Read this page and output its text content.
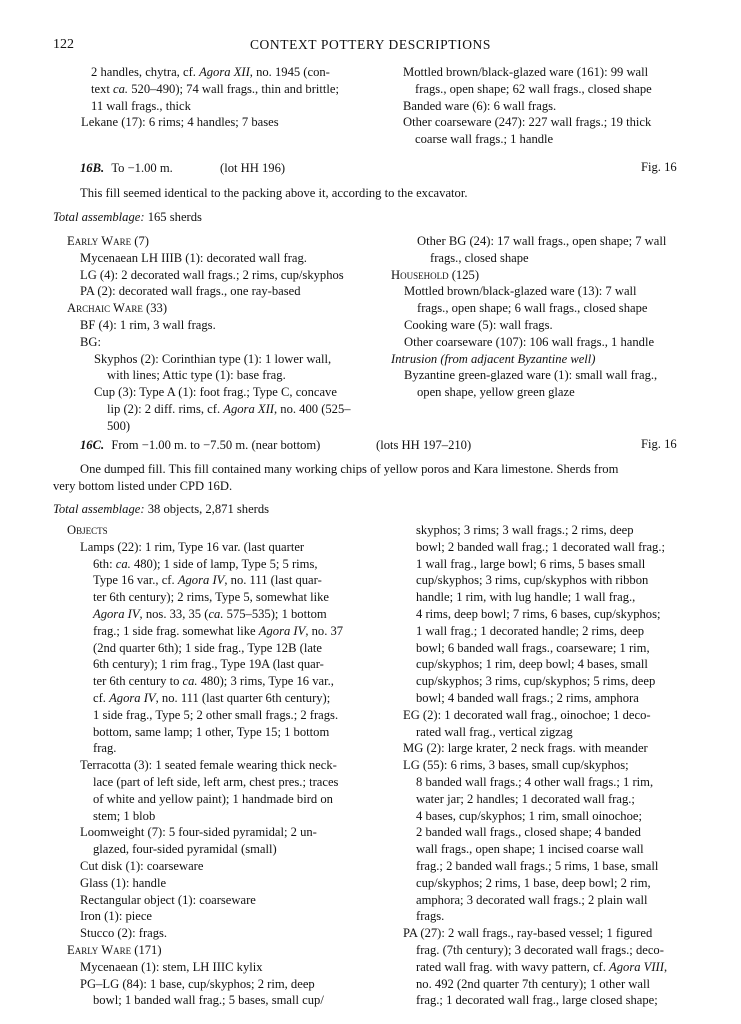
122	CONTEXT POTTERY DESCRIPTIONS
2 handles, chytra, cf. Agora XII, no. 1945 (con-
text ca. 520–490); 74 wall frags., thin and brittle;
11 wall frags., thick
Lekane (17): 6 rims; 4 handles; 7 bases
Mottled brown/black-glazed ware (161): 99 wall
frags., open shape; 62 wall frags., closed shape
Banded ware (6): 6 wall frags.
Other coarseware (247): 227 wall frags.; 19 thick
coarse wall frags.; 1 handle
16B. To −1.00 m.	(lot HH 196)	Fig. 16
This fill seemed identical to the packing above it, according to the excavator.
Total assemblage: 165 sherds
Early Ware (7)
Mycenaean LH IIIB (1): decorated wall frag.
LG (4): 2 decorated wall frags.; 2 rims, cup/skyphos
PA (2): decorated wall frags., one ray-based
Archaic Ware (33)
BF (4): 1 rim, 3 wall frags.
BG:
Skyphos (2): Corinthian type (1): 1 lower wall,
with lines; Attic type (1): base frag.
Cup (3): Type A (1): foot frag.; Type C, concave
lip (2): 2 diff. rims, cf. Agora XII, no. 400 (525–
500)
Other BG (24): 17 wall frags., open shape; 7 wall
frags., closed shape
Household (125)
Mottled brown/black-glazed ware (13): 7 wall
frags., open shape; 6 wall frags., closed shape
Cooking ware (5): wall frags.
Other coarseware (107): 106 wall frags., 1 handle
Intrusion (from adjacent Byzantine well)
Byzantine green-glazed ware (1): small wall frag.,
open shape, yellow green glaze
16C. From −1.00 m. to −7.50 m. (near bottom)	(lots HH 197–210)	Fig. 16
One dumped fill. This fill contained many working chips of yellow poros and Kara limestone. Sherds from
very bottom listed under CPD 16D.
Total assemblage: 38 objects, 2,871 sherds
Objects
Lamps (22): 1 rim, Type 16 var. (last quarter
6th: ca. 480); 1 side of lamp, Type 5; 5 rims,
Type 16 var., cf. Agora IV, no. 111 (last quar-
ter 6th century); 2 rims, Type 5, somewhat like
Agora IV, nos. 33, 35 (ca. 575–535); 1 bottom
frag.; 1 side frag. somewhat like Agora IV, no. 37
(2nd quarter 6th); 1 side frag., Type 12B (late
6th century); 1 rim frag., Type 19A (last quar-
ter 6th century to ca. 480); 3 rims, Type 16 var.,
cf. Agora IV, no. 111 (last quarter 6th century);
1 side frag., Type 5; 2 other small frags.; 2 frags.
bottom, same lamp; 1 other, Type 15; 1 bottom
frag.
Terracotta (3): 1 seated female wearing thick neck-
lace (part of left side, left arm, chest pres.; traces
of white and yellow paint); 1 handmade bird on
stem; 1 blob
Loomweight (7): 5 four-sided pyramidal; 2 un-
glazed, four-sided pyramidal (small)
Cut disk (1): coarseware
Glass (1): handle
Rectangular object (1): coarseware
Iron (1): piece
Stucco (2): frags.
Early Ware (171)
Mycenaean (1): stem, LH IIIC kylix
PG–LG (84): 1 base, cup/skyphos; 2 rim, deep
bowl; 1 banded wall frag.; 5 bases, small cup/
skyphos; 3 rims; 3 wall frags.; 2 rims, deep
bowl; 2 banded wall frag.; 1 decorated wall frag.;
1 wall frag., large bowl; 6 rims, 5 bases small
cup/skyphos; 3 rims, cup/skyphos with ribbon
handle; 1 rim, with lug handle; 1 wall frag.,
4 rims, deep bowl; 7 rims, 6 bases, cup/skyphos;
1 wall frag.; 1 decorated handle; 2 rims, deep
bowl; 6 banded wall frags., coarseware; 1 rim,
cup/skyphos; 1 rim, deep bowl; 4 bases, small
cup/skyphos; 3 rims, cup/skyphos; 5 rims, deep
bowl; 4 banded wall frags.; 2 rims, amphora
EG (2): 1 decorated wall frag., oinochoe; 1 deco-
rated wall frag., vertical zigzag
MG (2): large krater, 2 neck frags. with meander
LG (55): 6 rims, 3 bases, small cup/skyphos;
8 banded wall frags.; 4 other wall frags.; 1 rim,
water jar; 2 handles; 1 decorated wall frag.;
4 bases, cup/skyphos; 1 rim, small oinochoe;
2 banded wall frags., closed shape; 4 banded
wall frags., open shape; 1 incised coarse wall
frag.; 2 banded wall frags.; 5 rims, 1 base, small
cup/skyphos; 2 rims, 1 base, deep bowl; 2 rim,
amphora; 3 decorated wall frags.; 2 plain wall
frags.
PA (27): 2 wall frags., ray-based vessel; 1 figured
frag. (7th century); 3 decorated wall frags.; deco-
rated wall frag. with wavy pattern, cf. Agora VIII,
no. 492 (2nd quarter 7th century); 1 other wall
frag.; 1 decorated wall frag., large closed shape;
